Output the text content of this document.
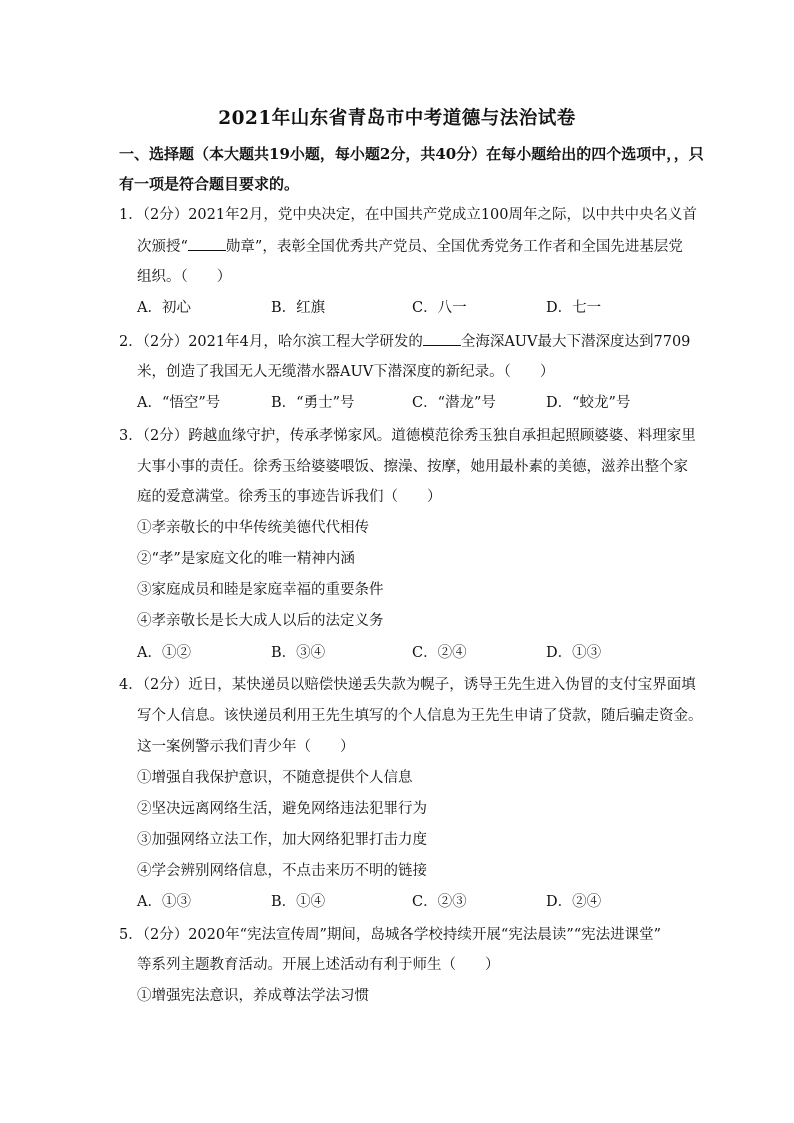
2021年山东省青岛市中考道德与法治试卷
一、选择题（本大题共19小题，每小题2分，共40分）在每小题给出的四个选项中，，只
有一项是符合题目要求的。
1．（2分）2021年2月，党中央决定，在中国共产党成立100周年之际，以中共中央名义首
次颁授“	勋章”，表彰全国优秀共产党员、全国优秀党务工作者和全国先进基层党
组织。（　　）
A．初心	B．红旗	C．八一	D．七一
2．（2分）2021年4月，哈尔滨工程大学研发的	全海深AUV最大下潜深度达到7709
米，创造了我国无人无缆潜水器AUV下潜深度的新纪录。（　　）
A．“悟空”号	B．“勇士”号	C．“潜龙”号	D．“蛟龙”号
3．（2分）跨越血缘守护，传承孝悌家风。道德模范徐秀玉独自承担起照顾婆婆、料理家里
大事小事的责任。徐秀玉给婆婆喂饭、擦澡、按摩，她用最朴素的美德，滋养出整个家
庭的爱意满堂。徐秀玉的事迹告诉我们（　　）
①孝亲敬长的中华传统美德代代相传
②“孝”是家庭文化的唯一精神内涵
③家庭成员和睦是家庭幸福的重要条件
④孝亲敬长是长大成人以后的法定义务
A．①②	B．③④	C．②④	D．①③
4．（2分）近日，某快递员以赔偿快递丢失款为幌子，诱导王先生进入伪冒的支付宝界面填
写个人信息。该快递员利用王先生填写的个人信息为王先生申请了贷款，随后骗走资金。
这一案例警示我们青少年（　　）
①增强自我保护意识，不随意提供个人信息
②坚决远离网络生活，避免网络违法犯罪行为
③加强网络立法工作，加大网络犯罪打击力度
④学会辨别网络信息，不点击来历不明的链接
A．①③	B．①④	C．②③	D．②④
5．（2分）2020年“宪法宣传周”期间，岛城各学校持续开展“宪法晨读”“宪法进课堂”
等系列主题教育活动。开展上述活动有利于师生（　　）
①增强宪法意识，养成尊法学法习惯
